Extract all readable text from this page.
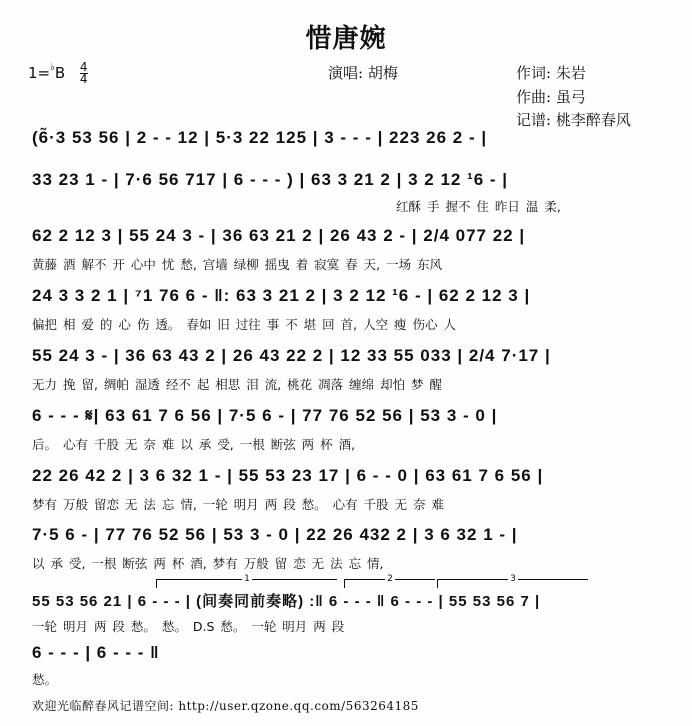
惜唐婉
$1=^♭B \frac{4}{4}$	演唱: 胡梅	作词: 朱岩
作曲: 虽弓
记谱: 桃李醉春风
(6̃·3 53 56 | 2 - - 12 | 5·3 22 125 | 3 - - - | 223 26 2 - |
33 23 1 - | 7·6 56 717 | 6 - - - ) | 63 3 21 2 | 3 2 12 ¹6 - |
红酥 手 握不 住 昨日 温 柔,
62 2 12 3 | 55 24 3 - | 36 63 21 2 | 26 43 2 - | 2/4 077 22 |
黄藤 酒 解不 开 心中 忧 愁, 宫墙 绿柳 摇曳 着 寂寞 春 天, 一场 东风
24 3 3 2 1 | ⁷1 76 6 - ‖: 63 3 21 2 | 3 2 12 ¹6 - | 62 2 12 3 |
偏把 相 爱 的 心 伤 透。 春如 旧 过往 事 不 堪 回 首, 人空 瘦 伤心 人
55 24 3 - | 36 63 43 2 | 26 43 22 2 | 12 33 55 033 | 2/4 7·17 |
无力 挽 留, 绸帕 湿透 经不 起 相思 泪 流, 桃花 凋落 缠绵 却怕 梦 醒
6 - - - 𝄋| 63 61 7 6 56 | 7·5 6 - | 77 76 52 56 | 53 3 - 0 |
后。 心有 千股 无 奈 难 以 承 受, 一根 断弦 两 杯 酒,
22 26 42 2 | 3 6 32 1 - | 55 53 23 17 | 6 - - 0 | 63 61 7 6 56 |
梦有 万般 留恋 无 法 忘 情, 一轮 明月 两 段 愁。 心有 千股 无 奈 难
7·5 6 - | 77 76 52 56 | 53 3 - 0 | 22 26 432 2 | 3 6 32 1 - |
以 承 受, 一根 断弦 两 杯 酒, 梦有 万般 留 恋 无 法 忘 情,
1	2	3
55 53 56 21 | 6 - - - | (间奏同前奏略) :‖ 6 - - - ‖ 6 - - - | 55 53 56 7 |
一轮 明月 两 段 愁。 愁。 D.S 愁。 一轮 明月 两 段
6 - - - | 6 - - - ‖
愁。
欢迎光临醉春风记谱空间: http://user.qzone.qq.com/563264185
